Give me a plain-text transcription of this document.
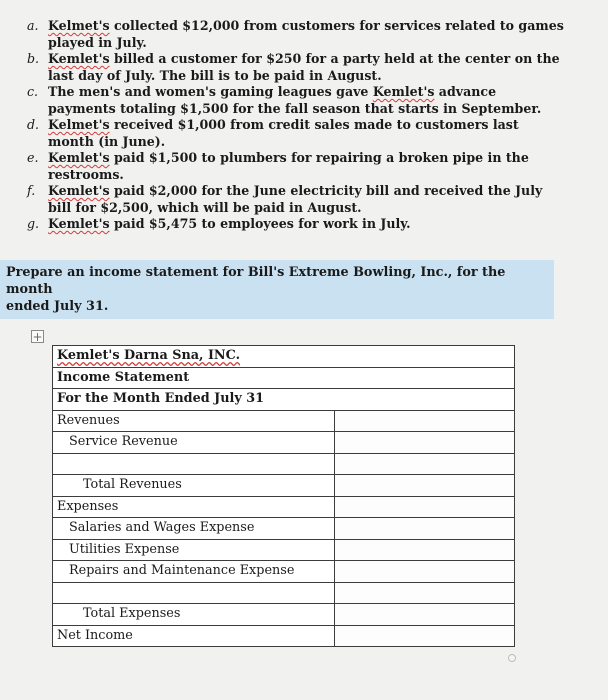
a. Kelmet's collected $12,000 from customers for services related to games played in July.
b. Kemlet's billed a customer for $250 for a party held at the center on the last day of July. The bill is to be paid in August.
c. The men's and women's gaming leagues gave Kemlet's advance payments totaling $1,500 for the fall season that starts in September.
d. Kelmet's received $1,000 from credit sales made to customers last month (in June).
e. Kemlet's paid $1,500 to plumbers for repairing a broken pipe in the restrooms.
f. Kemlet's paid $2,000 for the June electricity bill and received the July bill for $2,500, which will be paid in August.
g. Kemlet's paid $5,475 to employees for work in July.
Prepare an income statement for Bill's Extreme Bowling, Inc., for the month
ended July 31.
+
Kemlet's Darna Sna, INC.	
Income Statement	
For the Month Ended July 31	
Revenues	
Service Revenue	

Total Revenues	
Expenses	
Salaries and Wages Expense	
Utilities Expense	
Repairs and Maintenance Expense	

Total Expenses	
Net Income	
